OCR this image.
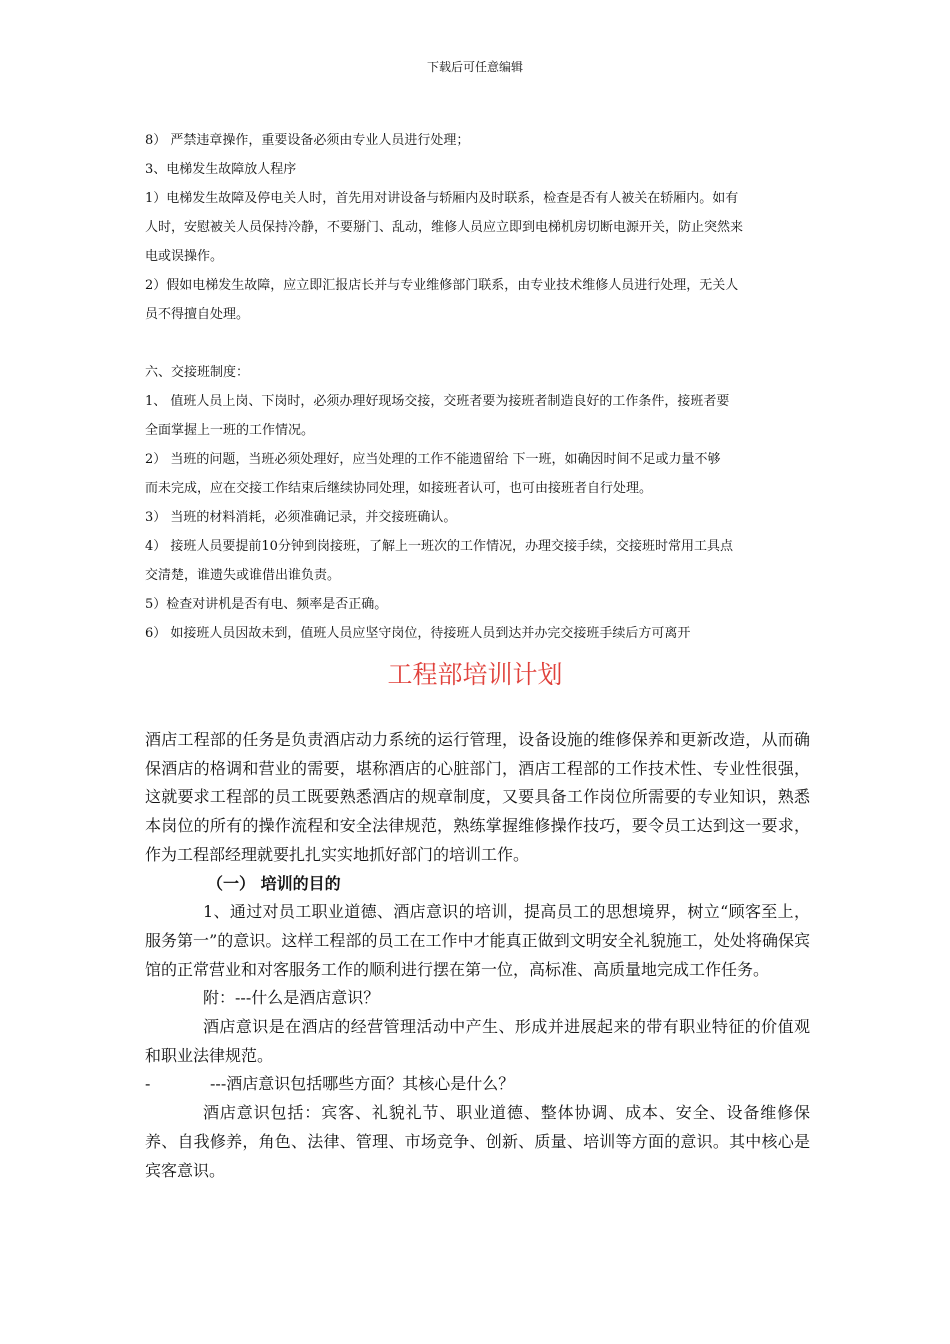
下载后可任意编辑

8） 严禁违章操作，重要设备必须由专业人员进行处理；

3、电梯发生故障放人程序

1）电梯发生故障及停电关人时，首先用对讲设备与轿厢内及时联系，检查是否有人被关在轿厢内。如有

人时，安慰被关人员保持冷静，不要掰门、乱动，维修人员应立即到电梯机房切断电源开关，防止突然来

电或误操作。

2）假如电梯发生故障，应立即汇报店长并与专业维修部门联系，由专业技术维修人员进行处理，无关人

员不得擅自处理。

六、交接班制度：

1、 值班人员上岗、下岗时，必须办理好现场交接，交班者要为接班者制造良好的工作条件，接班者要

全面掌握上一班的工作情况。

2） 当班的问题，当班必须处理好，应当处理的工作不能遗留给 下一班，如确因时间不足或力量不够

而未完成，应在交接工作结束后继续协同处理，如接班者认可，也可由接班者自行处理。

3） 当班的材料消耗，必须准确记录，并交接班确认。

4） 接班人员要提前10分钟到岗接班，了解上一班次的工作情况，办理交接手续，交接班时常用工具点

交清楚，谁遗失或谁借出谁负责。

5）检查对讲机是否有电、频率是否正确。

6） 如接班人员因故未到，值班人员应坚守岗位，待接班人员到达并办完交接班手续后方可离开

工程部培训计划

酒店工程部的任务是负责酒店动力系统的运行管理，设备设施的维修保养和更新改造，从而确保酒店的格调和营业的需要，堪称酒店的心脏部门，酒店工程部的工作技术性、专业性很强，这就要求工程部的员工既要熟悉酒店的规章制度，又要具备工作岗位所需要的专业知识，熟悉本岗位的所有的操作流程和安全法律规范，熟练掌握维修操作技巧，要令员工达到这一要求，作为工程部经理就要扎扎实实地抓好部门的培训工作。

（一） 培训的目的

1、通过对员工职业道德、酒店意识的培训，提高员工的思想境界，树立“顾客至上，服务第一”的意识。这样工程部的员工在工作中才能真正做到文明安全礼貌施工，处处将确保宾馆的正常营业和对客服务工作的顺利进行摆在第一位，高标准、高质量地完成工作任务。

附：---什么是酒店意识？

酒店意识是在酒店的经营管理活动中产生、形成并进展起来的带有职业特征的价值观和职业法律规范。

-	---酒店意识包括哪些方面？其核心是什么？

酒店意识包括：宾客、礼貌礼节、职业道德、整体协调、成本、安全、设备维修保养、自我修养，角色、法律、管理、市场竞争、创新、质量、培训等方面的意识。其中核心是宾客意识。
